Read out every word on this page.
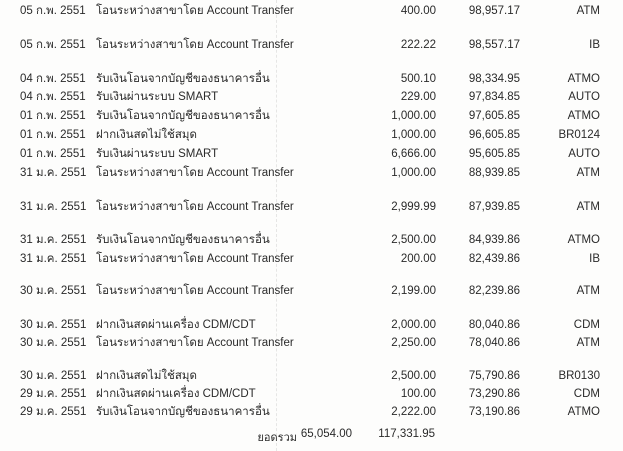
05 ก.พ. 2551 โอนระหว่างสาขาโดย Account Transfer	400.00	98,957.17	ATM
05 ก.พ. 2551 โอนระหว่างสาขาโดย Account Transfer	222.22	98,557.17	IB
04 ก.พ. 2551 รับเงินโอนจากบัญชีของธนาคารอื่น	500.10	98,334.95	ATMO
04 ก.พ. 2551 รับเงินผ่านระบบ SMART	229.00	97,834.85	AUTO
01 ก.พ. 2551 รับเงินโอนจากบัญชีของธนาคารอื่น	1,000.00	97,605.85	ATMO
01 ก.พ. 2551 ฝากเงินสดไม่ใช้สมุด	1,000.00	96,605.85	BR0124
01 ก.พ. 2551 รับเงินผ่านระบบ SMART	6,666.00	95,605.85	AUTO
31 ม.ค. 2551 โอนระหว่างสาขาโดย Account Transfer	1,000.00	88,939.85	ATM
31 ม.ค. 2551 โอนระหว่างสาขาโดย Account Transfer	2,999.99	87,939.85	ATM
31 ม.ค. 2551 รับเงินโอนจากบัญชีของธนาคารอื่น	2,500.00	84,939.86	ATMO
31 ม.ค. 2551 โอนระหว่างสาขาโดย Account Transfer	200.00	82,439.86	IB
30 ม.ค. 2551 โอนระหว่างสาขาโดย Account Transfer	2,199.00	82,239.86	ATM
30 ม.ค. 2551 ฝากเงินสดผ่านเครื่อง CDM/CDT	2,000.00	80,040.86	CDM
30 ม.ค. 2551 โอนระหว่างสาขาโดย Account Transfer	2,250.00	78,040.86	ATM
30 ม.ค. 2551 ฝากเงินสดไม่ใช้สมุด	2,500.00	75,790.86	BR0130
29 ม.ค. 2551 ฝากเงินสดผ่านเครื่อง CDM/CDT	100.00	73,290.86	CDM
29 ม.ค. 2551 รับเงินโอนจากบัญชีของธนาคารอื่น	2,222.00	73,190.86	ATMO
ยอดรวม 65,054.00	117,331.95
